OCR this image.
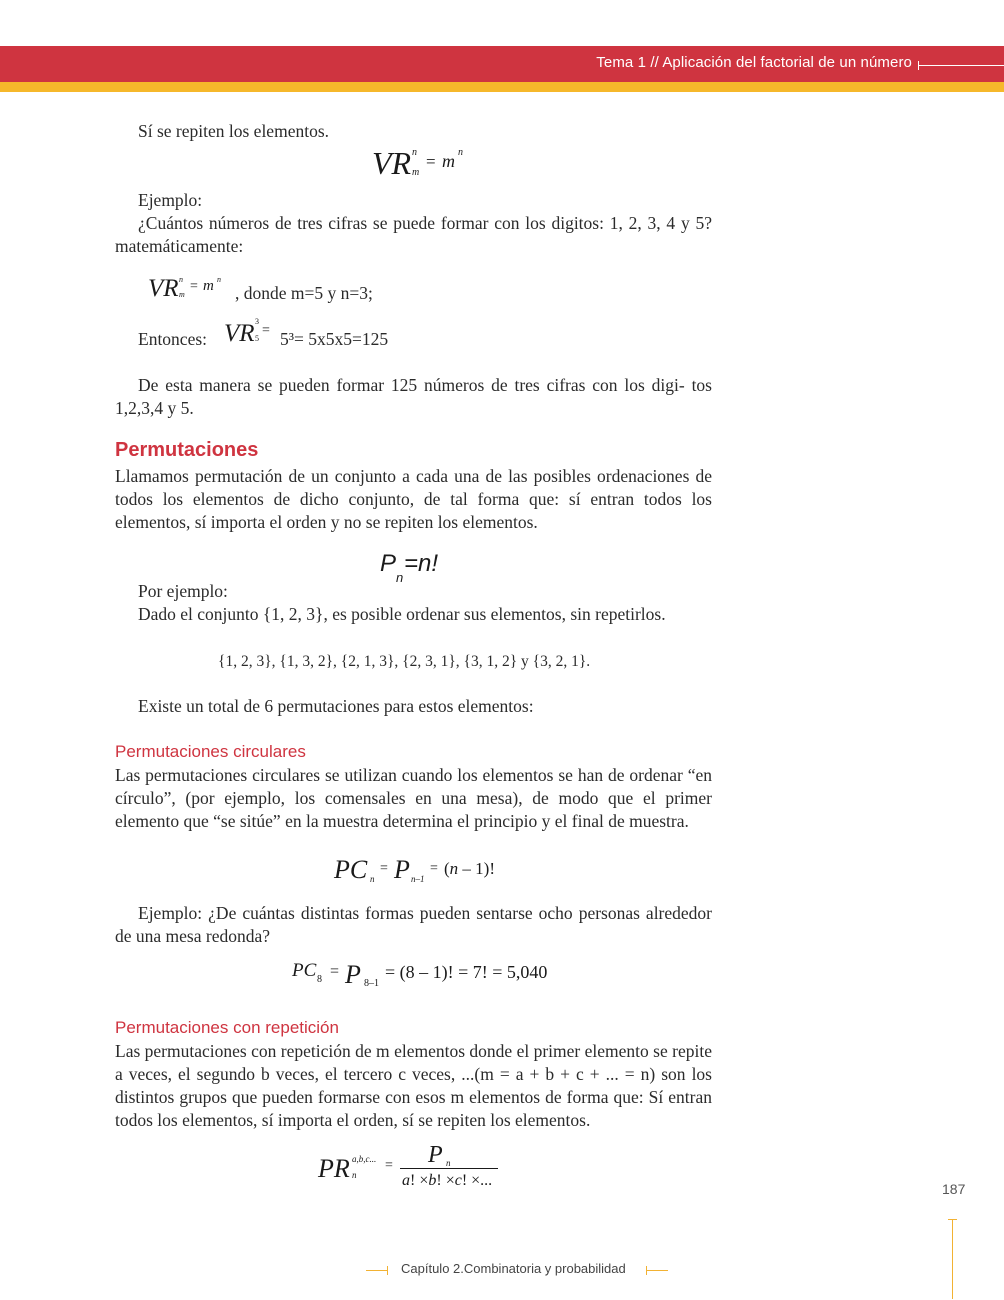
Tema 1 // Aplicación del factorial de un número
Sí se repiten los elementos.
VR n
m
= m n
Ejemplo:
¿Cuántos números de tres cifras se puede formar con los digitos: 1, 2, 3, 4 y 5? matemáticamente:
VR n
m
= m n
, donde m=5 y n=3;
Entonces: VR 3
5
= 5³= 5x5x5=125
De esta manera se pueden formar 125 números de tres cifras con los digi- tos 1,2,3,4 y 5.
Permutaciones
Llamamos permutación de un conjunto a cada una de las posibles ordenaciones de todos los elementos de dicho conjunto, de tal forma que: sí entran todos los elementos, sí importa el orden y no se repiten los elementos.
P
n
=n!
Por ejemplo:
Dado el conjunto {1, 2, 3}, es posible ordenar sus elementos, sin repetirlos.
{1, 2, 3}, {1, 3, 2}, {2, 1, 3}, {2, 3, 1}, {3, 1, 2} y {3, 2, 1}.
Existe un total de 6 permutaciones para estos elementos:
Permutaciones circulares
Las permutaciones circulares se utilizan cuando los elementos se han de ordenar “en círculo”, (por ejemplo, los comensales en una mesa), de modo que el primer elemento que “se sitúe” en la muestra determina el principio y el final de muestra.
PC n
= P n–1
= (n – 1)!
Ejemplo: ¿De cuántas distintas formas pueden sentarse ocho personas alrededor de una mesa redonda?
PC 8 = P 8–1
= (8 – 1)! = 7! = 5,040
Permutaciones con repetición
Las permutaciones con repetición de m elementos donde el primer elemento se repite a veces, el segundo b veces, el tercero c veces, ...(m = a + b + c + ... = n) son los distintos grupos que pueden formarse con esos m elementos de forma que: Sí entran todos los elementos, sí importa el orden, sí se repiten los elementos.
PR a,b,c...
n
= P n
a! ×b! ×c! ×...	187
Capítulo 2.Combinatoria y probabilidad
